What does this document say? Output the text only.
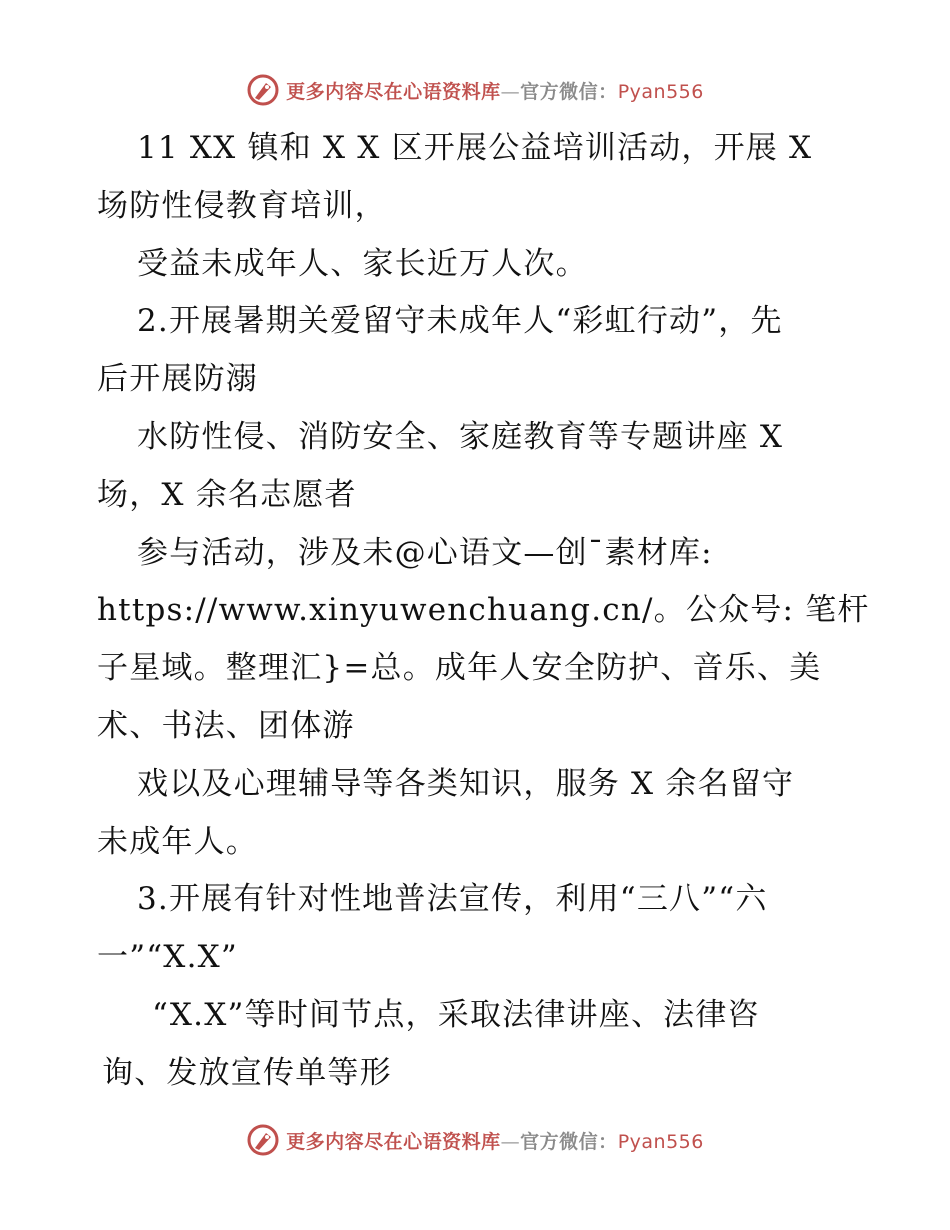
更多内容尽在心语资料库—官方微信：Pyan556
11 XX 镇和 X X 区开展公益培训活动，开展 X
场防性侵教育培训，
受益未成年人、家长近万人次。
2.开展暑期关爱留守未成年人“彩虹行动”，先
后开展防溺
水防性侵、消防安全、家庭教育等专题讲座 X
场，X 余名志愿者
参与活动，涉及未@心语文—创¯素材库:
https://www.xinyuwenchuang.cn/。公众号: 笔杆
子星域。整理汇}=总。成年人安全防护、音乐、美
术、书法、团体游
戏以及心理辅导等各类知识，服务 X 余名留守
未成年人。
3.开展有针对性地普法宣传，利用“三八”“六
一”“X.X”
“X.X”等时间节点，采取法律讲座、法律咨
询、发放宣传单等形
更多内容尽在心语资料库—官方微信：Pyan556
